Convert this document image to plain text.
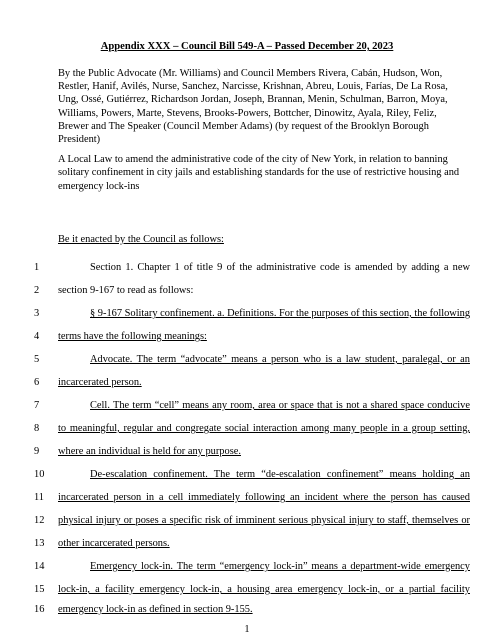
Appendix XXX – Council Bill 549-A – Passed December 20, 2023
By the Public Advocate (Mr. Williams) and Council Members Rivera, Cabán, Hudson, Won,
Restler, Hanif, Avilés, Nurse, Sanchez, Narcisse, Krishnan, Abreu, Louis, Farías, De La Rosa,
Ung, Ossé, Gutiérrez, Richardson Jordan, Joseph, Brannan, Menin, Schulman, Barron, Moya,
Williams, Powers, Marte, Stevens, Brooks-Powers, Bottcher, Dinowitz, Ayala, Riley, Feliz,
Brewer and The Speaker (Council Member Adams) (by request of the Brooklyn Borough
President)
A Local Law to amend the administrative code of the city of New York, in relation to banning
solitary confinement in city jails and establishing standards for the use of restrictive housing and
emergency lock-ins
Be it enacted by the Council as follows:
1	Section 1. Chapter 1 of title 9 of the administrative code is amended by adding a new
2 section 9-167 to read as follows:
3	§ 9-167 Solitary confinement. a. Definitions. For the purposes of this section, the following
4 terms have the following meanings:
5	Advocate. The term “advocate” means a person who is a law student, paralegal, or an
6 incarcerated person.
7	Cell. The term “cell” means any room, area or space that is not a shared space conducive
8 to meaningful, regular and congregate social interaction among many people in a group setting,
9 where an individual is held for any purpose.
10	De-escalation confinement. The term “de-escalation confinement” means holding an
11 incarcerated person in a cell immediately following an incident where the person has caused
12 physical injury or poses a specific risk of imminent serious physical injury to staff, themselves or
13 other incarcerated persons.
14	Emergency lock-in. The term “emergency lock-in” means a department-wide emergency
15 lock-in, a facility emergency lock-in, a housing area emergency lock-in, or a partial facility
16 emergency lock-in as defined in section 9-155.
1
